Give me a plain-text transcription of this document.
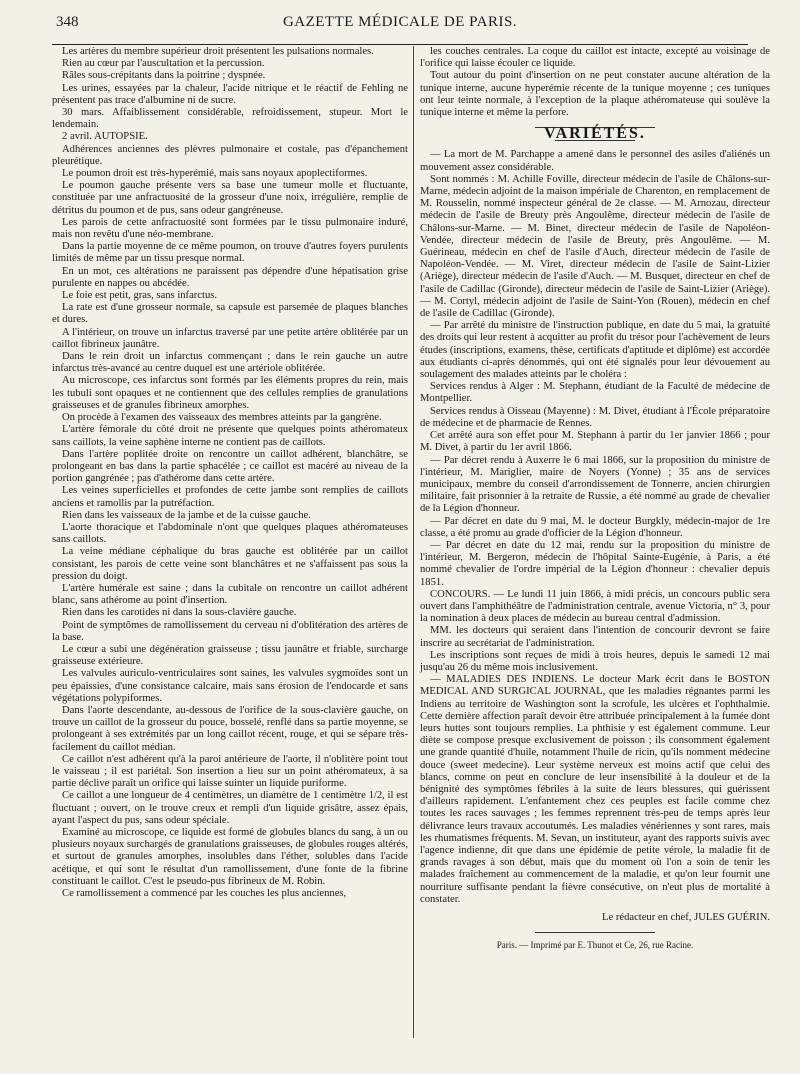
348	GAZETTE MÉDICALE DE PARIS.

Les artères du membre supérieur droit présentent les pulsations normales.

Rien au cœur par l'auscultation et la percussion.

Râles sous-crépitants dans la poitrine ; dyspnée.

Les urines, essayées par la chaleur, l'acide nitrique et le réactif de Fehling ne présentent pas trace d'albumine ni de sucre.

30 mars. Affaiblissement considérable, refroidissement, stupeur. Mort le lendemain.

2 avril. AUTOPSIE.

Adhérences anciennes des plèvres pulmonaire et costale, pas d'épanchement pleurétique.

Le poumon droit est très-hyperémié, mais sans noyaux apoplectiformes.

Le poumon gauche présente vers sa base une tumeur molle et fluctuante, constituée par une anfractuosité de la grosseur d'une noix, irrégulière, remplie de détritus du poumon et de pus, sans odeur gangréneuse.

Les parois de cette anfractuosité sont formées par le tissu pulmonaire induré, mais non revêtu d'une néo-membrane.

Dans la partie moyenne de ce même poumon, on trouve d'autres foyers purulents limités de même par un tissu presque normal.

En un mot, ces altérations ne paraissent pas dépendre d'une hépatisation grise purulente en nappes ou abcédée.

Le foie est petit, gras, sans infarctus.

La rate est d'une grosseur normale, sa capsule est parsemée de plaques blanches et dures.

A l'intérieur, on trouve un infarctus traversé par une petite artère oblitérée par un caillot fibrineux jaunâtre.

Dans le rein droit un infarctus commençant ; dans le rein gauche un autre infarctus très-avancé au centre duquel est une artériole oblitérée.

Au microscope, ces infarctus sont formés par les éléments propres du rein, mais les tubuli sont opaques et ne contiennent que des cellules remplies de granulations graisseuses et de granules fibrineux amorphes.

On procède à l'examen des vaisseaux des membres atteints par la gangrène.

L'artère fémorale du côté droit ne présente que quelques points athéromateux sans caillots, la veine saphène interne ne contient pas de caillots.

Dans l'artère poplitée droite on rencontre un caillot adhérent, blanchâtre, se prolongeant en bas dans la partie sphacélée ; ce caillot est macéré au niveau de la portion gangrénée ; pas d'athérome dans cette artère.

Les veines superficielles et profondes de cette jambe sont remplies de caillots anciens et ramollis par la putréfaction.

Rien dans les vaisseaux de la jambe et de la cuisse gauche.

L'aorte thoracique et l'abdominale n'ont que quelques plaques athéromateuses sans caillots.

La veine médiane céphalique du bras gauche est oblitérée par un caillot consistant, les parois de cette veine sont blanchâtres et ne s'affaissent pas sous la pression du doigt.

L'artère humérale est saine ; dans la cubitale on rencontre un caillot adhérent blanc, sans athérome au point d'insertion.

Rien dans les carotides ni dans la sous-clavière gauche.

Point de symptômes de ramollissement du cerveau ni d'oblitération des artères de la base.

Le cœur a subi une dégénération graisseuse ; tissu jaunâtre et friable, surcharge graisseuse extérieure.

Les valvules auriculo-ventriculaires sont saines, les valvules sygmoïdes sont un peu épaissies, d'une consistance calcaire, mais sans érosion de l'endocarde et sans végétations polypiformes.

Dans l'aorte descendante, au-dessous de l'orifice de la sous-clavière gauche, on trouve un caillot de la grosseur du pouce, bosselé, renflé dans sa partie moyenne, se prolongeant à ses extrémités par un long caillot récent, rouge, et qui se sépare très-facilement du caillot médian.

Ce caillot n'est adhérent qu'à la paroi antérieure de l'aorte, il n'oblitère point tout le vaisseau ; il est pariétal. Son insertion a lieu sur un point athéromateux, à sa partie déclive paraît un orifice qui laisse suinter un liquide puriforme.

Ce caillot a une longueur de 4 centimètres, un diamètre de 1 centimètre 1/2, il est fluctuant ; ouvert, on le trouve creux et rempli d'un liquide grisâtre, assez épais, ayant l'aspect du pus, sans odeur spéciale.

Examiné au microscope, ce liquide est formé de globules blancs du sang, à un ou plusieurs noyaux surchargés de granulations graisseuses, de globules rouges altérés, et surtout de granules amorphes, insolubles dans l'éther, solubles dans l'acide acétique, et qui sont le résultat d'un ramollissement, d'une fonte de la fibrine constituant le caillot. C'est le pseudo-pus fibrineux de M. Robin.

Ce ramollissement a commencé par les couches les plus anciennes,

les couches centrales. La coque du caillot est intacte, excepté au voisinage de l'orifice qui laisse écouler ce liquide.

Tout autour du point d'insertion on ne peut constater aucune altération de la tunique interne, aucune hyperémie récente de la tunique moyenne ; ces tuniques ont leur teinte normale, à l'exception de la plaque athéromateuse qui soulève la tunique interne et même la perfore.

VARIÉTÉS.

— La mort de M. Parchappe a amené dans le personnel des asiles d'aliénés un mouvement assez considérable.

Sont nommés : M. Achille Foville, directeur médecin de l'asile de Châlons-sur-Marne, médecin adjoint de la maison impériale de Charenton, en remplacement de M. Rousselin, nommé inspecteur général de 2e classe. — M. Arnozau, directeur médecin de l'asile de Breuty près Angoulême, directeur médecin de l'asile de Châlons-sur-Marne. — M. Binet, directeur médecin de l'asile de Napoléon-Vendée, directeur médecin de l'asile de Breuty, près Angoulême. — M. Guérineau, médecin en chef de l'asile d'Auch, directeur médecin de l'asile de Napoléon-Vendée. — M. Viret, directeur médecin de l'asile de Saint-Lizier (Ariège), directeur médecin de l'asile d'Auch. — M. Busquet, directeur en chef de l'asile de Cadillac (Gironde), directeur médecin de l'asile de Saint-Lizier (Ariège). — M. Cortyl, médecin adjoint de l'asile de Saint-Yon (Rouen), médecin en chef de l'asile de Cadillac (Gironde).

— Par arrêté du ministre de l'instruction publique, en date du 5 mai, la gratuité des droits qui leur restent à acquitter au profit du trésor pour l'achèvement de leurs études (inscriptions, examens, thèse, certificats d'aptitude et diplôme) est accordée aux étudiants ci-après dénommés, qui ont été signalés pour leur dévouement au soulagement des malades atteints par le choléra :

Services rendus à Alger : M. Stephann, étudiant de la Faculté de médecine de Montpellier.

Services rendus à Oisseau (Mayenne) : M. Divet, étudiant à l'École préparatoire de médecine et de pharmacie de Rennes.

Cet arrêté aura son effet pour M. Stephann à partir du 1er janvier 1866 ; pour M. Divet, à partir du 1er avril 1866.

— Par décret rendu à Auxerre le 6 mai 1866, sur la proposition du ministre de l'intérieur, M. Mariglier, maire de Noyers (Yonne) ; 35 ans de services municipaux, membre du conseil d'arrondissement de Tonnerre, ancien chirurgien militaire, fait prisonnier à la retraite de Russie, a été nommé au grade de chevalier de la Légion d'honneur.

— Par décret en date du 9 mai, M. le docteur Burgkly, médecin-major de 1re classe, a été promu au grade d'officier de la Légion d'honneur.

— Par décret en date du 12 mai, rendu sur la proposition du ministre de l'intérieur, M. Bergeron, médecin de l'hôpital Sainte-Eugénie, à Paris, a été nommé chevalier de l'ordre impérial de la Légion d'honneur : chevalier depuis 1851.

CONCOURS. — Le lundi 11 juin 1866, à midi précis, un concours public sera ouvert dans l'amphithéâtre de l'administration centrale, avenue Victoria, n° 3, pour la nomination à deux places de médecin au bureau central d'admission.

MM. les docteurs qui seraient dans l'intention de concourir devront se faire inscrire au secrétariat de l'administration.

Les inscriptions sont reçues de midi à trois heures, depuis le samedi 12 mai jusqu'au 26 du même mois inclusivement.

— MALADIES DES INDIENS. Le docteur Mark écrit dans le BOSTON MEDICAL AND SURGICAL JOURNAL, que les maladies régnantes parmi les Indiens au territoire de Washington sont la scrofule, les ulcères et l'ophthalmie. Cette dernière affection paraît devoir être attribuée principalement à la fumée dont leurs huttes sont toujours remplies. La phthisie y est également commune. Leur diète se compose presque exclusivement de poisson ; ils consomment également une grande quantité d'huile, notamment l'huile de ricin, qu'ils nomment médecine douce (sweet medecine). Leur système nerveux est moins actif que celui des blancs, comme on peut en conclure de leur insensibilité à la douleur et de la bénignité des symptômes fébriles à la suite de leurs blessures, qui guérissent d'ailleurs rapidement. L'enfantement chez ces peuples est facile comme chez toutes les races sauvages ; les femmes reprennent très-peu de temps après leur délivrance leurs travaux accoutumés. Les maladies vénériennes y sont rares, mais les rhumatismes fréquents. M. Sevan, un instituteur, ayant des rapports suivis avec l'agence indienne, dit que dans une épidémie de petite vérole, la maladie fit de grands ravages à son début, mais que du moment où l'on a soin de tenir les malades fraîchement au commencement de la maladie, et qu'on leur fournit une nourriture suffisante pendant la fièvre consécutive, on n'eut plus de mortalité à constater.

Le rédacteur en chef, JULES GUÉRIN.

Paris. — Imprimé par E. Thunot et Ce, 26, rue Racine.
